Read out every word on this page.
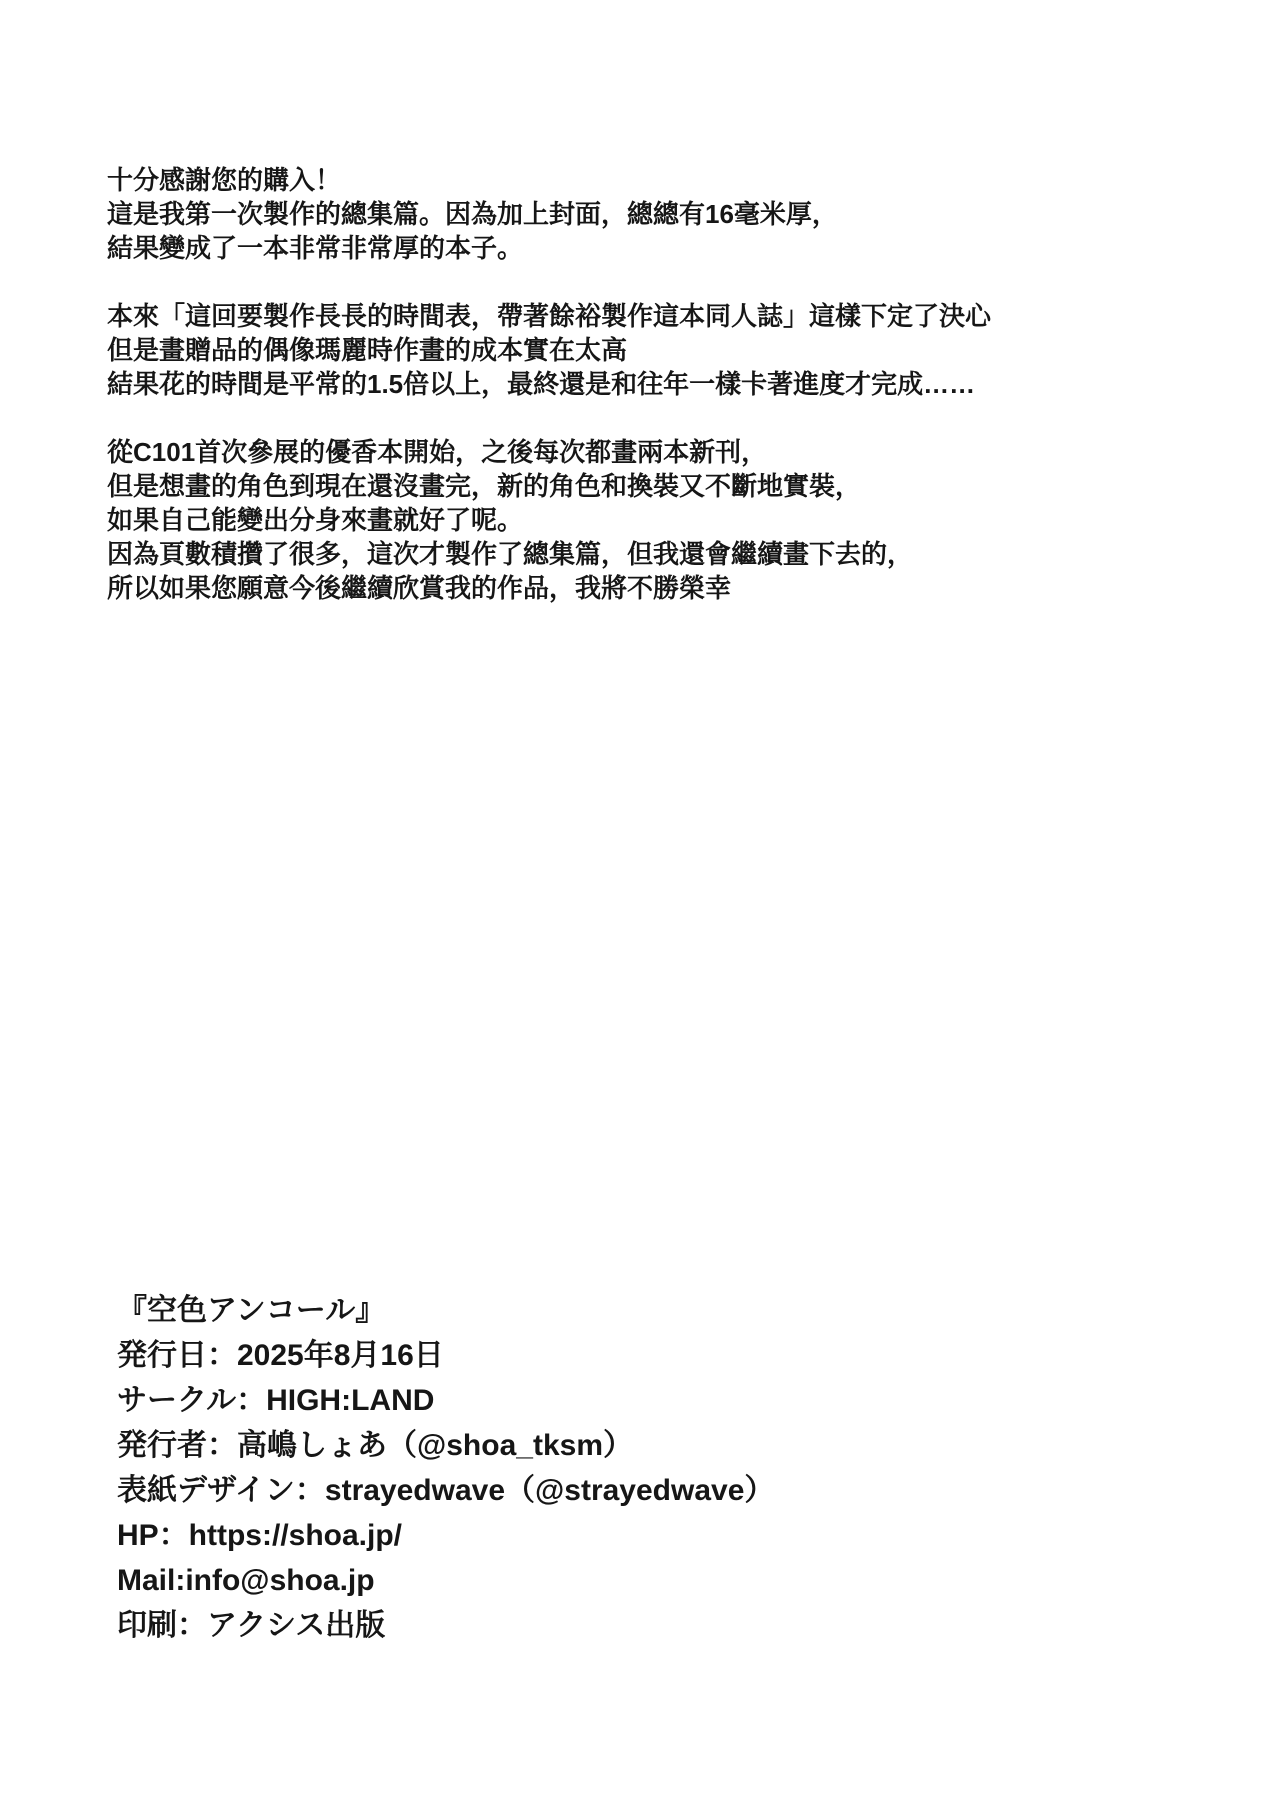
十分感謝您的購入！
這是我第一次製作的總集篇。因為加上封面，總總有16毫米厚，
結果變成了一本非常非常厚的本子。
本來「這回要製作長長的時間表，帶著餘裕製作這本同人誌」這樣下定了決心
但是畫贈品的偶像瑪麗時作畫的成本實在太高
結果花的時間是平常的1.5倍以上，最終還是和往年一樣卡著進度才完成……
從C101首次參展的優香本開始，之後每次都畫兩本新刊，
但是想畫的角色到現在還沒畫完，新的角色和換裝又不斷地實裝，
如果自己能變出分身來畫就好了呢。
因為頁數積攢了很多，這次才製作了總集篇，但我還會繼續畫下去的，
所以如果您願意今後繼續欣賞我的作品，我將不勝榮幸
『空色アンコール』
発行日：2025年8月16日
サークル：HIGH:LAND
発行者：高嶋しょあ（@shoa_tksm）
表紙デザイン：strayedwave（@strayedwave）
HP：https://shoa.jp/
Mail:info@shoa.jp
印刷：アクシス出版
